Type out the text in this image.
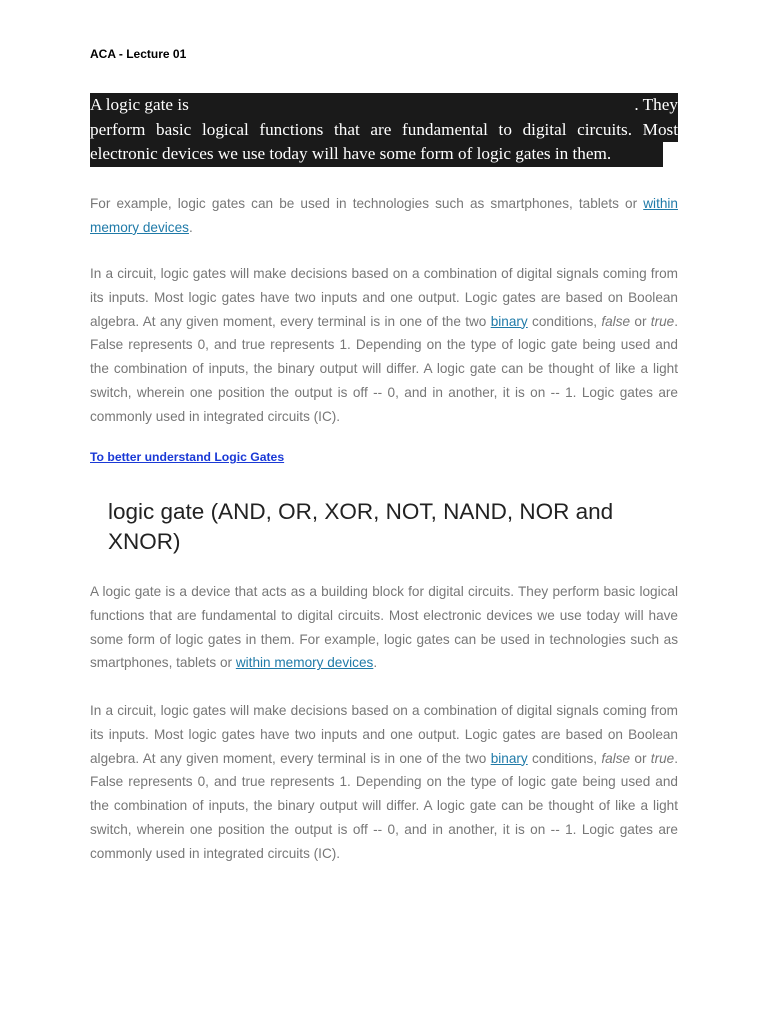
ACA - Lecture 01
A logic gate is	. They
perform basic logical functions that are fundamental to digital circuits. Most
electronic devices we use today will have some form of logic gates in them.

For example, logic gates can be used in technologies such as smartphones, tablets or within memory devices.

In a circuit, logic gates will make decisions based on a combination of digital signals coming from its inputs. Most logic gates have two inputs and one output. Logic gates are based on Boolean algebra. At any given moment, every terminal is in one of the two binary conditions, false or true. False represents 0, and true represents 1. Depending on the type of logic gate being used and the combination of inputs, the binary output will differ. A logic gate can be thought of like a light switch, wherein one position the output is off -- 0, and in another, it is on -- 1. Logic gates are commonly used in integrated circuits (IC).

To better understand Logic Gates
logic gate (AND, OR, XOR, NOT, NAND, NOR and XNOR)

A logic gate is a device that acts as a building block for digital circuits. They perform basic logical functions that are fundamental to digital circuits. Most electronic devices we use today will have some form of logic gates in them. For example, logic gates can be used in technologies such as smartphones, tablets or within memory devices.

In a circuit, logic gates will make decisions based on a combination of digital signals coming from its inputs. Most logic gates have two inputs and one output. Logic gates are based on Boolean algebra. At any given moment, every terminal is in one of the two binary conditions, false or true. False represents 0, and true represents 1. Depending on the type of logic gate being used and the combination of inputs, the binary output will differ. A logic gate can be thought of like a light switch, wherein one position the output is off -- 0, and in another, it is on -- 1. Logic gates are commonly used in integrated circuits (IC).
